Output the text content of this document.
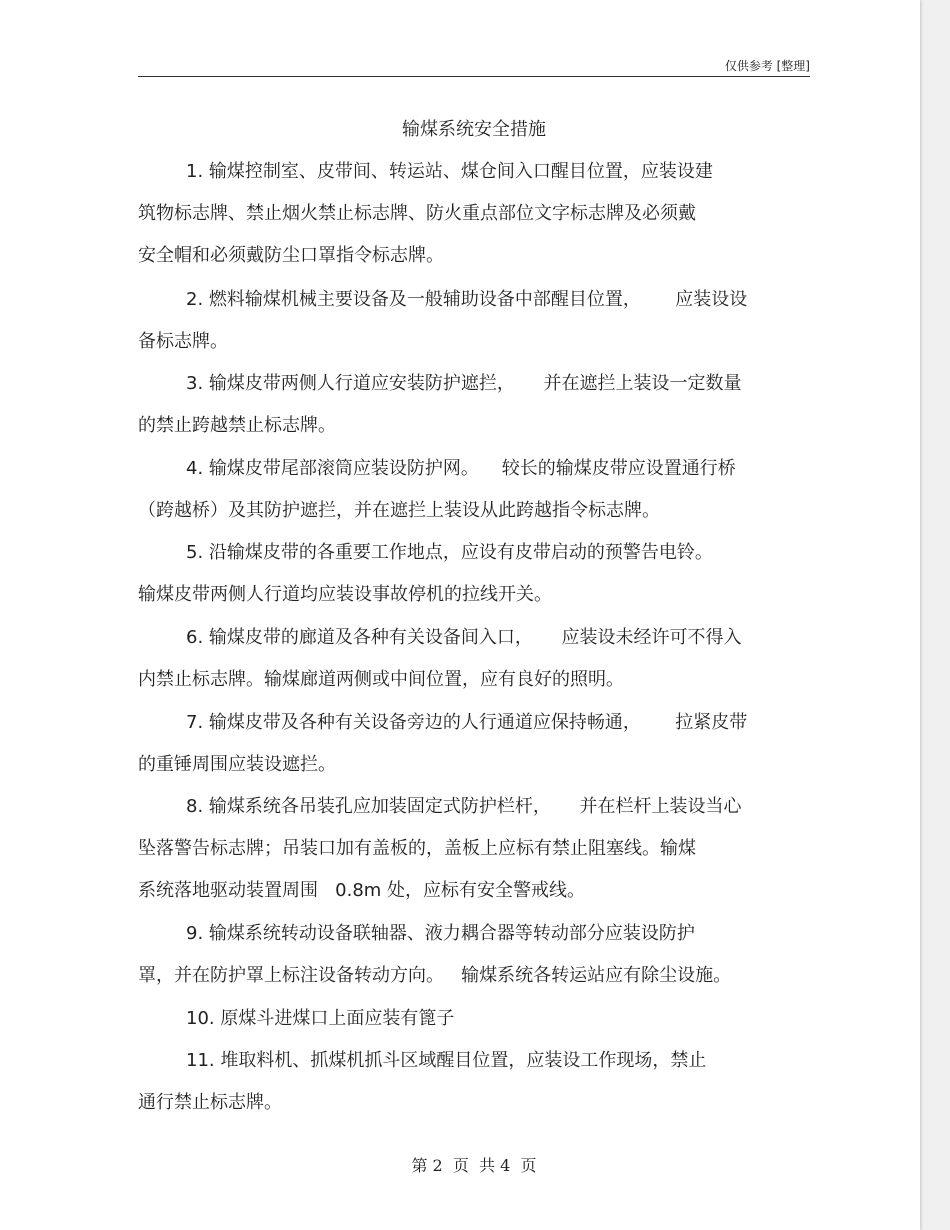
仅供参考 [整理]
输煤系统安全措施
1. 输煤控制室、皮带间、转运站、煤仓间入口醒目位置，应装设建
筑物标志牌、禁止烟火禁止标志牌、防火重点部位文字标志牌及必须戴
安全帽和必须戴防尘口罩指令标志牌。
2. 燃料输煤机械主要设备及一般辅助设备中部醒目位置，      应装设设
备标志牌。
3. 输煤皮带两侧人行道应安装防护遮拦，     并在遮拦上装设一定数量
的禁止跨越禁止标志牌。
4. 输煤皮带尾部滚筒应装设防护网。    较长的输煤皮带应设置通行桥
（跨越桥）及其防护遮拦，并在遮拦上装设从此跨越指令标志牌。
5. 沿输煤皮带的各重要工作地点，应设有皮带启动的预警告电铃。
输煤皮带两侧人行道均应装设事故停机的拉线开关。
6. 输煤皮带的廊道及各种有关设备间入口，     应装设未经许可不得入
内禁止标志牌。输煤廊道两侧或中间位置，应有良好的照明。
7. 输煤皮带及各种有关设备旁边的人行通道应保持畅通，      拉紧皮带
的重锤周围应装设遮拦。
8. 输煤系统各吊装孔应加装固定式防护栏杆，     并在栏杆上装设当心
坠落警告标志牌；吊装口加有盖板的，盖板上应标有禁止阻塞线。输煤
系统落地驱动装置周围   0.8m 处，应标有安全警戒线。
9. 输煤系统转动设备联轴器、液力耦合器等转动部分应装设防护
罩，并在防护罩上标注设备转动方向。   输煤系统各转运站应有除尘设施。
10. 原煤斗进煤口上面应装有篦子
11. 堆取料机、抓煤机抓斗区域醒目位置，应装设工作现场，禁止
通行禁止标志牌。
第 2  页  共 4  页
